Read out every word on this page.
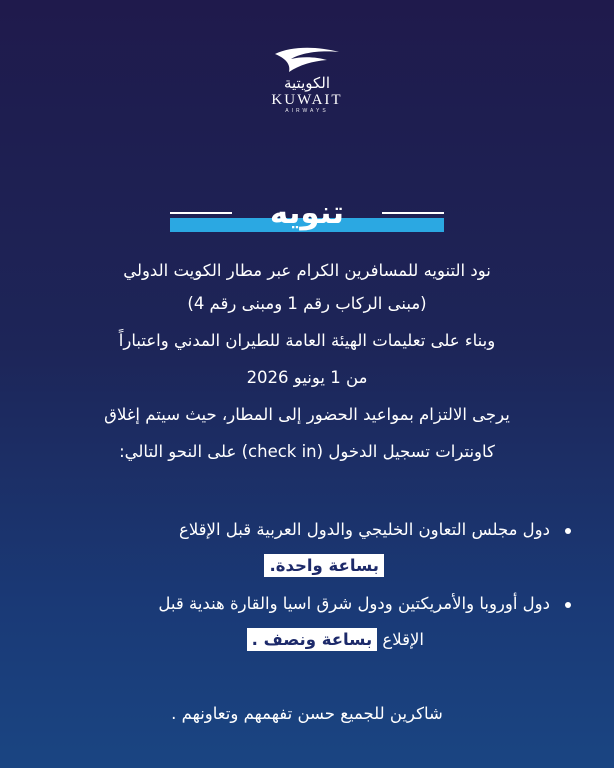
الكويتية
KUWAIT
AIRWAYS
تنويه
نود التنويه للمسافرين الكرام عبر مطار الكويت الدولي
(مبنى الركاب رقم 1 ومبنى رقم 4)
وبناء على تعليمات الهيئة العامة للطيران المدني واعتباراً
من 1 يونيو 2026
يرجى الالتزام بمواعيد الحضور إلى المطار، حيث سيتم إغلاق
كاونترات تسجيل الدخول (check in) على النحو التالي:
دول مجلس التعاون الخليجي والدول العربية قبل الإقلاع
بساعة واحدة.
دول أوروبا والأمريكتين ودول شرق اسيا والقارة هندية قبل
الإقلاع بساعة ونصف .
شاكرين للجميع حسن تفهمهم وتعاونهم .
